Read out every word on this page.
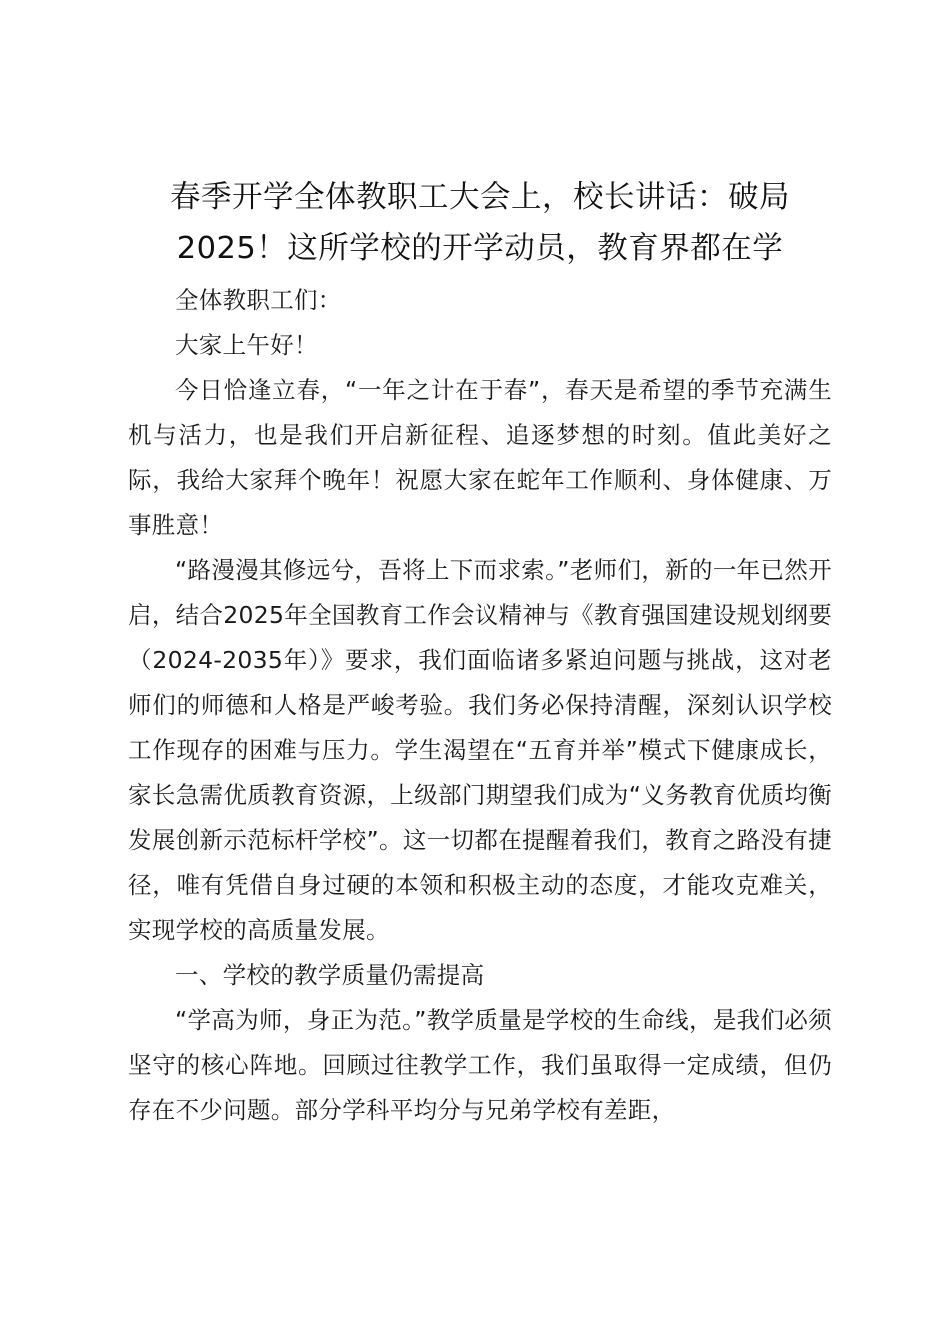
春季开学全体教职工大会上，校长讲话：破局2025！这所学校的开学动员，教育界都在学

全体教职工们：

大家上午好！

今日恰逢立春，“一年之计在于春”，春天是希望的季节充满生机与活力，也是我们开启新征程、追逐梦想的时刻。值此美好之际，我给大家拜个晚年！祝愿大家在蛇年工作顺利、身体健康、万事胜意！

“路漫漫其修远兮，吾将上下而求索。”老师们，新的一年已然开启，结合2025年全国教育工作会议精神与《教育强国建设规划纲要（2024-2035年）》要求，我们面临诸多紧迫问题与挑战，这对老师们的师德和人格是严峻考验。我们务必保持清醒，深刻认识学校工作现存的困难与压力。学生渴望在“五育并举”模式下健康成长，家长急需优质教育资源，上级部门期望我们成为“义务教育优质均衡发展创新示范标杆学校”。这一切都在提醒着我们，教育之路没有捷径，唯有凭借自身过硬的本领和积极主动的态度，才能攻克难关，实现学校的高质量发展。

一、学校的教学质量仍需提高

“学高为师，身正为范。”教学质量是学校的生命线，是我们必须坚守的核心阵地。回顾过往教学工作，我们虽取得一定成绩，但仍存在不少问题。部分学科平均分与兄弟学校有差距，
